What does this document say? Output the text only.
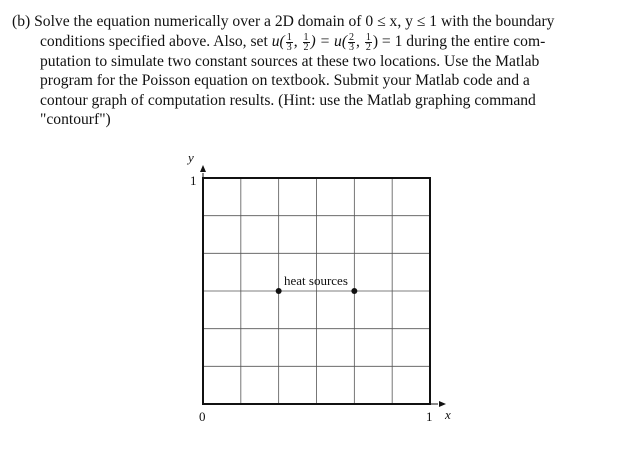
(b) Solve the equation numerically over a 2D domain of 0 ≤ x, y ≤ 1 with the boundary
conditions specified above. Also, set $u( \frac{1}{3}$ , $\frac{1}{2}$ ) = $u( \frac{2}{3}$ , $\frac{1}{2}$ ) = 1 during the entire com-
putation to simulate two constant sources at these two locations. Use the Matlab
program for the Poisson equation on textbook. Submit your Matlab code and a
contour graph of computation results. (Hint: use the Matlab graphing command
"contourf")
y
1
0	1 x
heat sources
